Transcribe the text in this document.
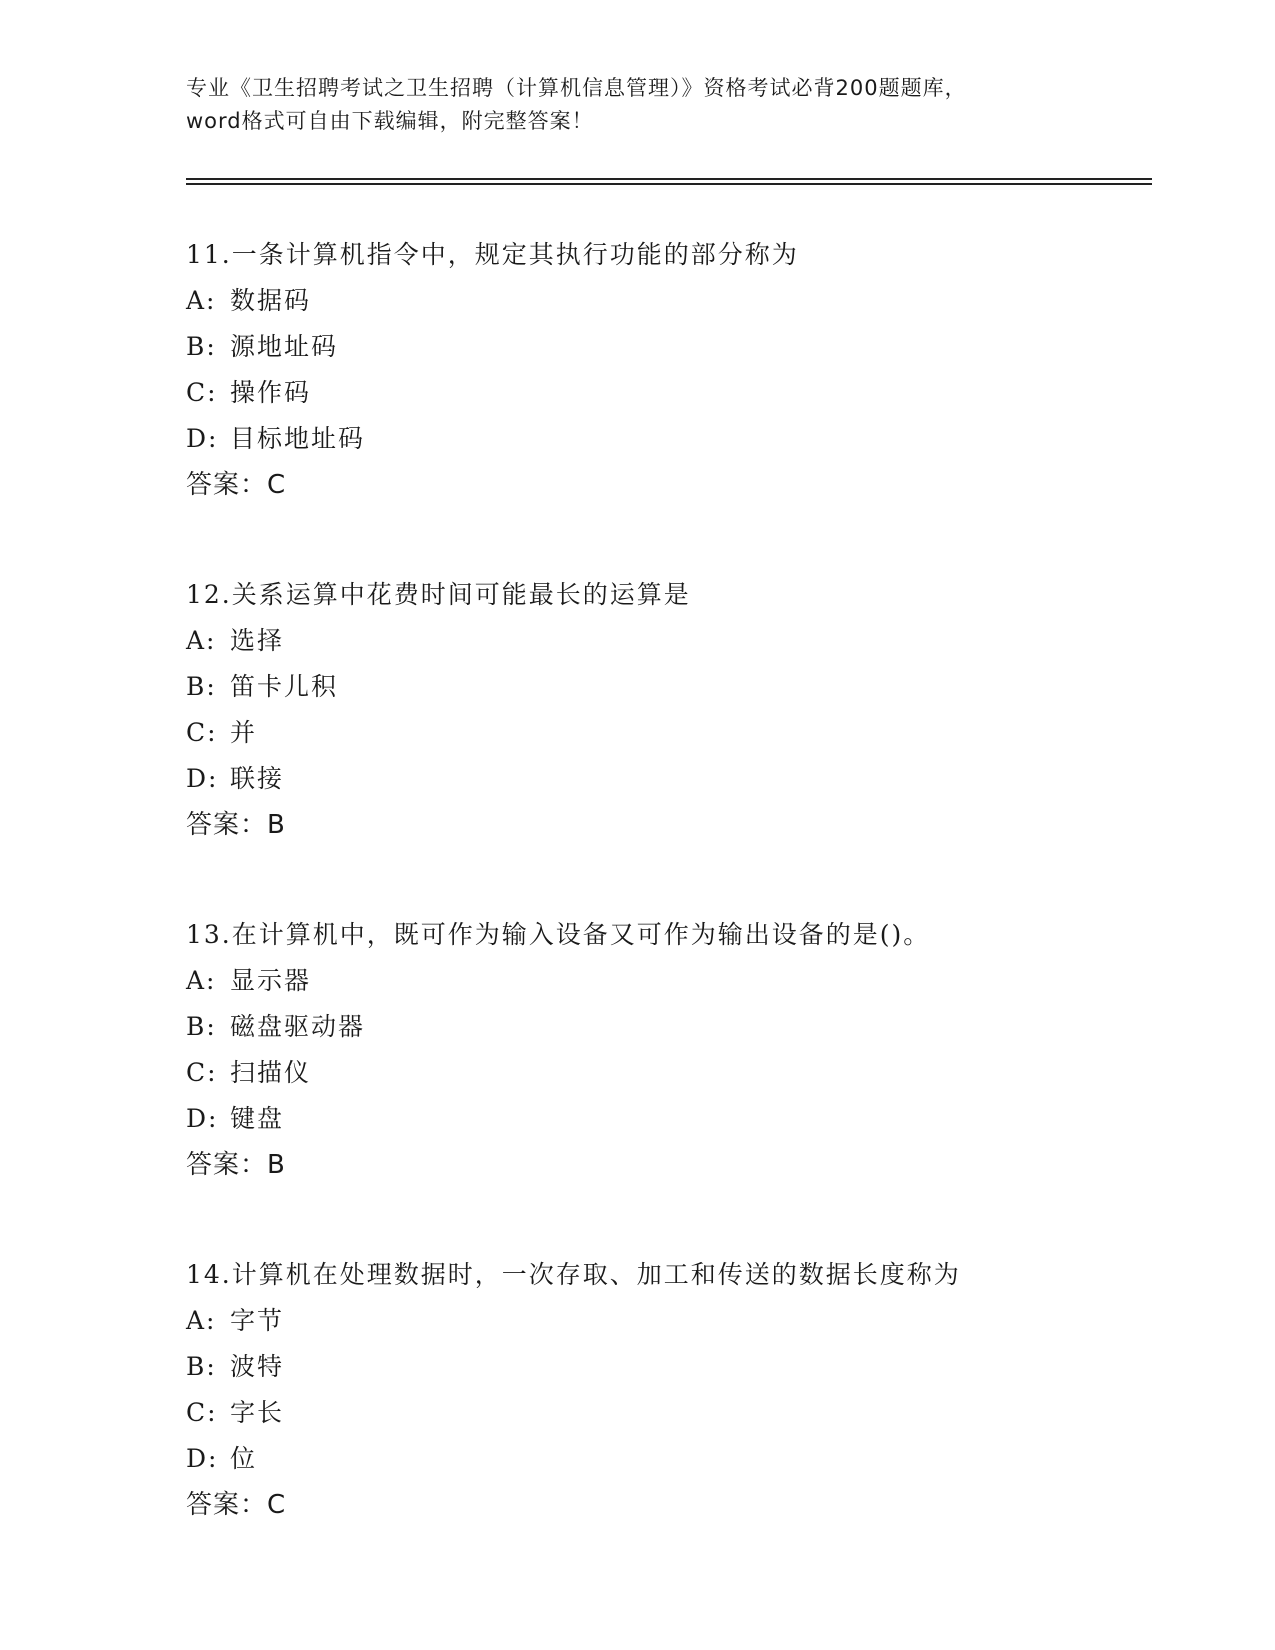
专业《卫生招聘考试之卫生招聘（计算机信息管理）》资格考试必背200题题库，
word格式可自由下载编辑，附完整答案！
11.一条计算机指令中，规定其执行功能的部分称为
A: 数据码
B: 源地址码
C: 操作码
D: 目标地址码
答案：C
12.关系运算中花费时间可能最长的运算是
A: 选择
B: 笛卡儿积
C: 并
D: 联接
答案：B
13.在计算机中，既可作为输入设备又可作为输出设备的是()。
A: 显示器
B: 磁盘驱动器
C: 扫描仪
D: 键盘
答案：B
14.计算机在处理数据时，一次存取、加工和传送的数据长度称为
A: 字节
B: 波特
C: 字长
D: 位
答案：C
